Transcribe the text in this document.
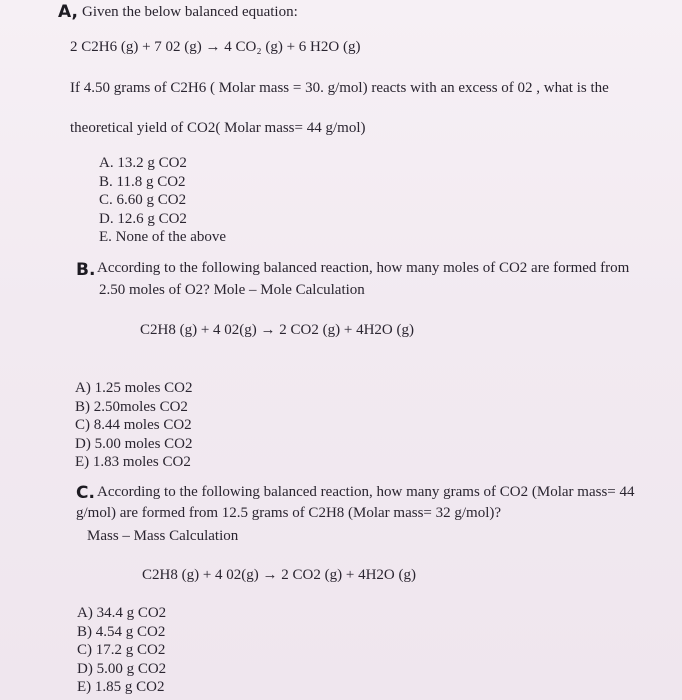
A, Given the below balanced equation:
2 C2H6 (g) + 7 02 (g) → 4 CO₂ (g) + 6 H2O (g)
If 4.50 grams of C2H6 ( Molar mass = 30. g/mol) reacts with an excess of 02 , what is the
theoretical yield of CO2( Molar mass= 44 g/mol)
A. 13.2 g CO2
B. 11.8 g CO2
C. 6.60 g CO2
D. 12.6 g CO2
E. None of the above
B. According to the following balanced reaction, how many moles of CO2 are formed from
2.50 moles of O2? Mole – Mole Calculation
C2H8 (g) + 4 02(g) → 2 CO2 (g) + 4H2O (g)
A) 1.25 moles CO2
B) 2.50moles CO2
C) 8.44 moles CO2
D) 5.00 moles CO2
E) 1.83 moles CO2
C. According to the following balanced reaction, how many grams of CO2 (Molar mass= 44
g/mol) are formed from 12.5 grams of C2H8 (Molar mass= 32 g/mol)?
Mass – Mass Calculation
C2H8 (g) + 4 02(g) → 2 CO2 (g) + 4H2O (g)
A) 34.4 g CO2
B) 4.54 g CO2
C) 17.2 g CO2
D) 5.00 g CO2
E) 1.85 g CO2
